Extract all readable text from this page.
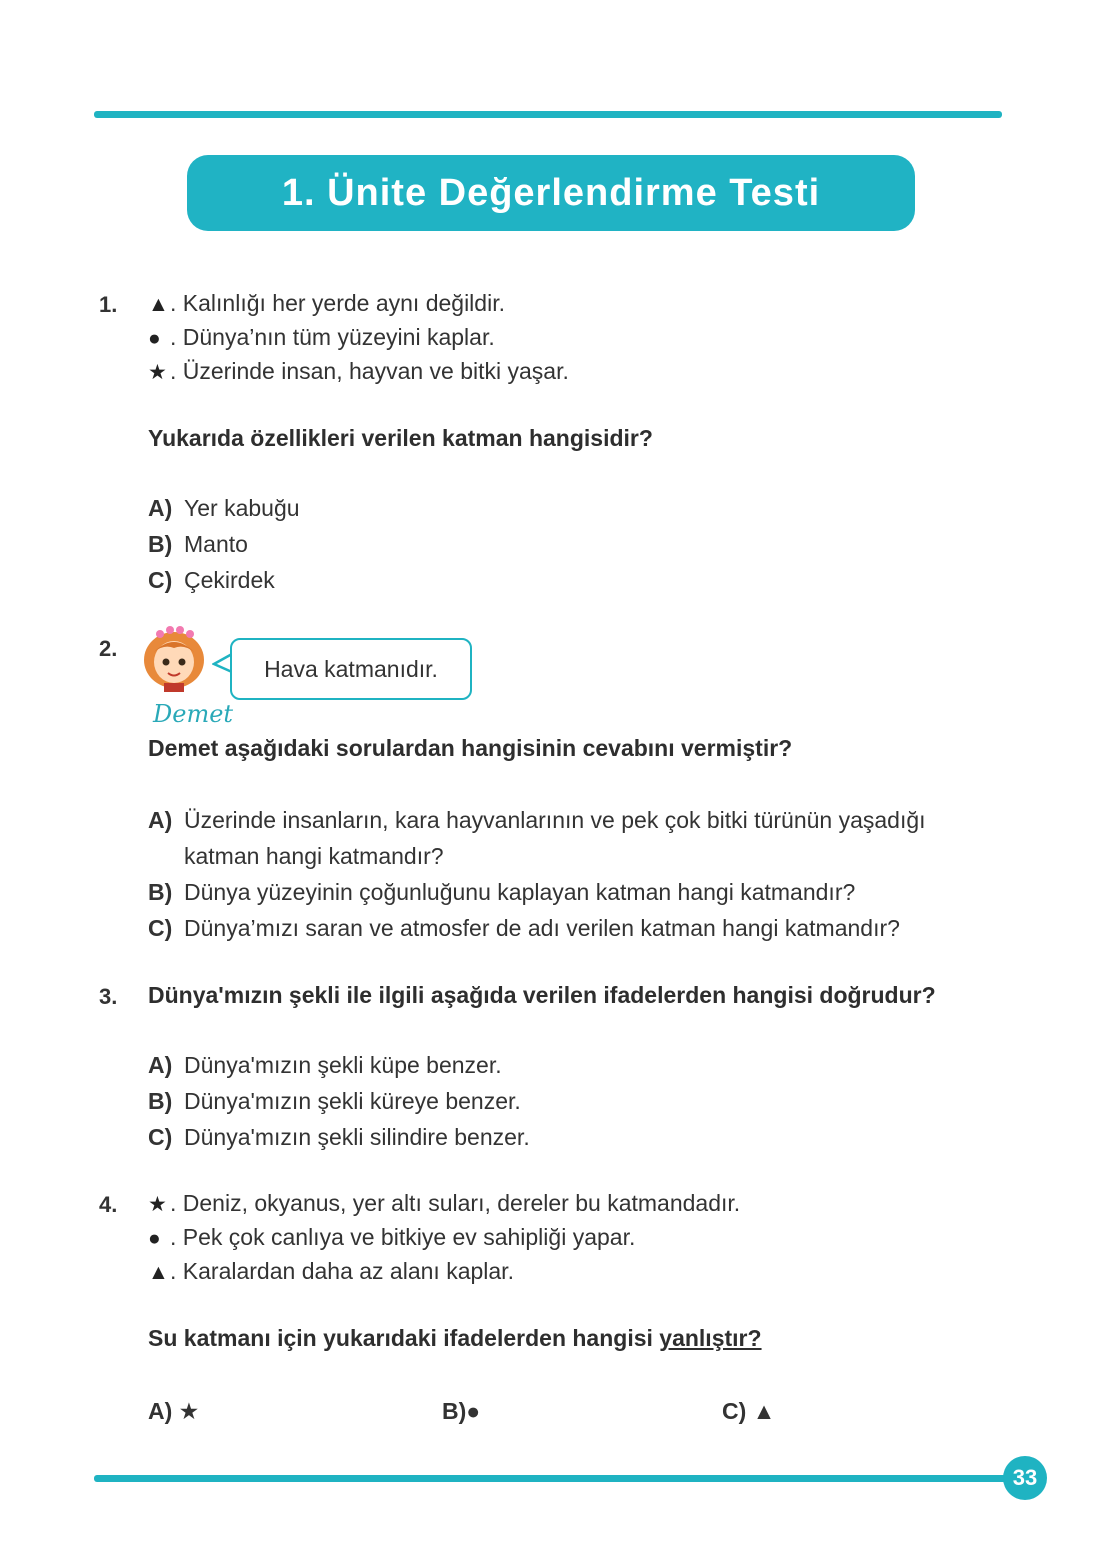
1. Ünite Değerlendirme Testi
1. ▲. Kalınlığı her yerde aynı değildir.
● . Dünya’nın tüm yüzeyini kaplar.
★ . Üzerinde insan, hayvan ve bitki yaşar.
Yukarıda özellikleri verilen katman hangisidir?
A) Yer kabuğu
B) Manto
C) Çekirdek
2.
Hava katmanıdır.
Demet
Demet aşağıdaki sorulardan hangisinin cevabını vermiştir?
A) Üzerinde insanların, kara hayvanlarının ve pek çok bitki türünün yaşadığı
katman hangi katmandır?
B) Dünya yüzeyinin çoğunluğunu kaplayan katman hangi katmandır?
C) Dünya’mızı saran ve atmosfer de adı verilen katman hangi katmandır?
3. Dünya'mızın şekli ile ilgili aşağıda verilen ifadelerden hangisi doğrudur?
A) Dünya'mızın şekli küpe benzer.
B) Dünya'mızın şekli küreye benzer.
C) Dünya'mızın şekli silindire benzer.
4. ★ . Deniz, okyanus, yer altı suları, dereler bu katmandadır.
● . Pek çok canlıya ve bitkiye ev sahipliği yapar.
▲. Karalardan daha az alanı kaplar.
Su katmanı için yukarıdaki ifadelerden hangisi yanlıştır?
A) ★	B)●	C) ▲
33
